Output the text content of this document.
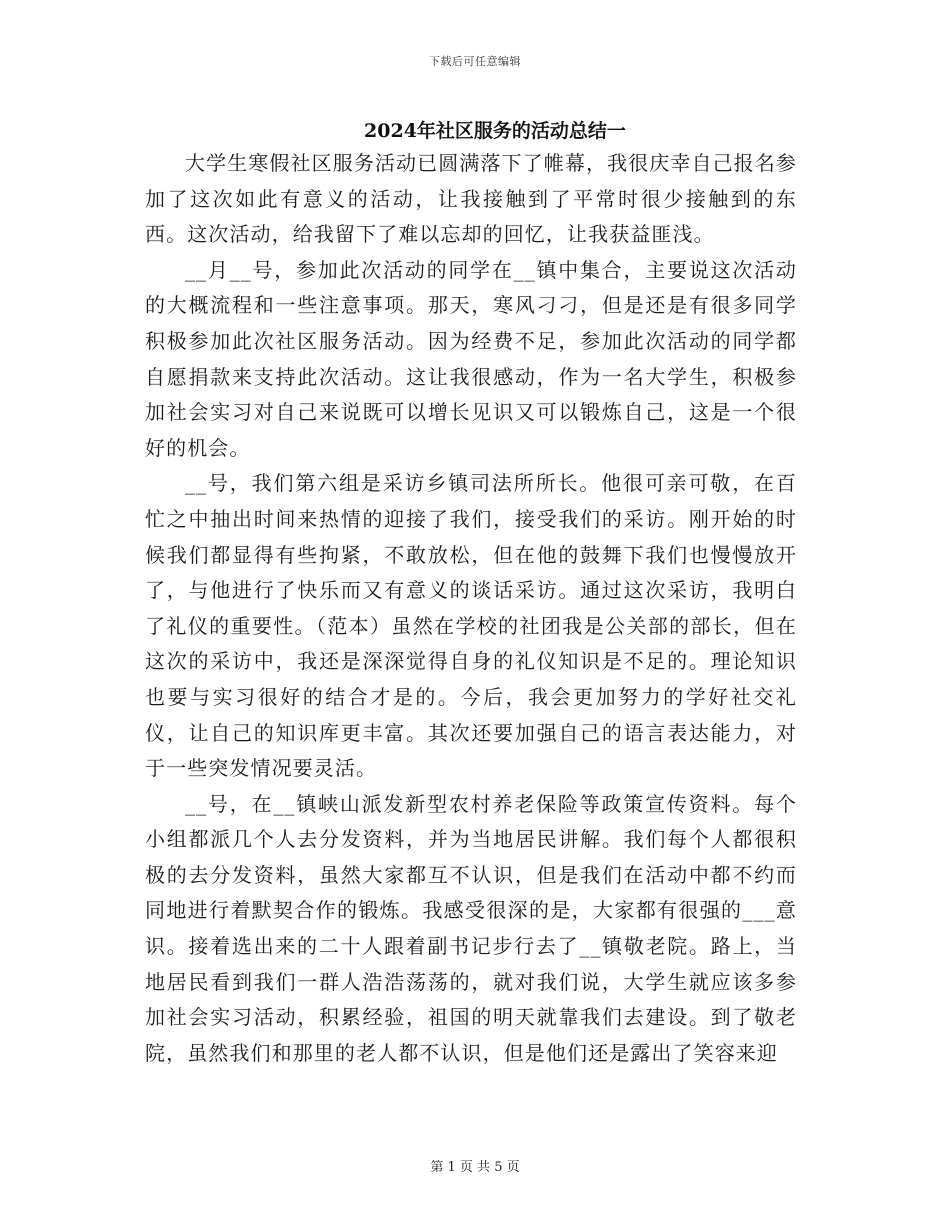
下载后可任意编辑
2024年社区服务的活动总结一

大学生寒假社区服务活动已圆满落下了帷幕，我很庆幸自己报名参加了这次如此有意义的活动，让我接触到了平常时很少接触到的东西。这次活动，给我留下了难以忘却的回忆，让我获益匪浅。

__月__号，参加此次活动的同学在__镇中集合，主要说这次活动的大概流程和一些注意事项。那天，寒风刁刁，但是还是有很多同学积极参加此次社区服务活动。因为经费不足，参加此次活动的同学都自愿捐款来支持此次活动。这让我很感动，作为一名大学生，积极参加社会实习对自己来说既可以增长见识又可以锻炼自己，这是一个很好的机会。

__号，我们第六组是采访乡镇司法所所长。他很可亲可敬，在百忙之中抽出时间来热情的迎接了我们，接受我们的采访。刚开始的时候我们都显得有些拘紧，不敢放松，但在他的鼓舞下我们也慢慢放开了，与他进行了快乐而又有意义的谈话采访。通过这次采访，我明白了礼仪的重要性。（范本）虽然在学校的社团我是公关部的部长，但在这次的采访中，我还是深深觉得自身的礼仪知识是不足的。理论知识也要与实习很好的结合才是的。今后，我会更加努力的学好社交礼仪，让自己的知识库更丰富。其次还要加强自己的语言表达能力，对于一些突发情况要灵活。

__号，在__镇峡山派发新型农村养老保险等政策宣传资料。每个小组都派几个人去分发资料，并为当地居民讲解。我们每个人都很积极的去分发资料，虽然大家都互不认识，但是我们在活动中都不约而同地进行着默契合作的锻炼。我感受很深的是，大家都有很强的___意识。接着选出来的二十人跟着副书记步行去了__镇敬老院。路上，当地居民看到我们一群人浩浩荡荡的，就对我们说，大学生就应该多参加社会实习活动，积累经验，祖国的明天就靠我们去建设。到了敬老院，虽然我们和那里的老人都不认识，但是他们还是露出了笑容来迎

第 1 页 共 5 页
